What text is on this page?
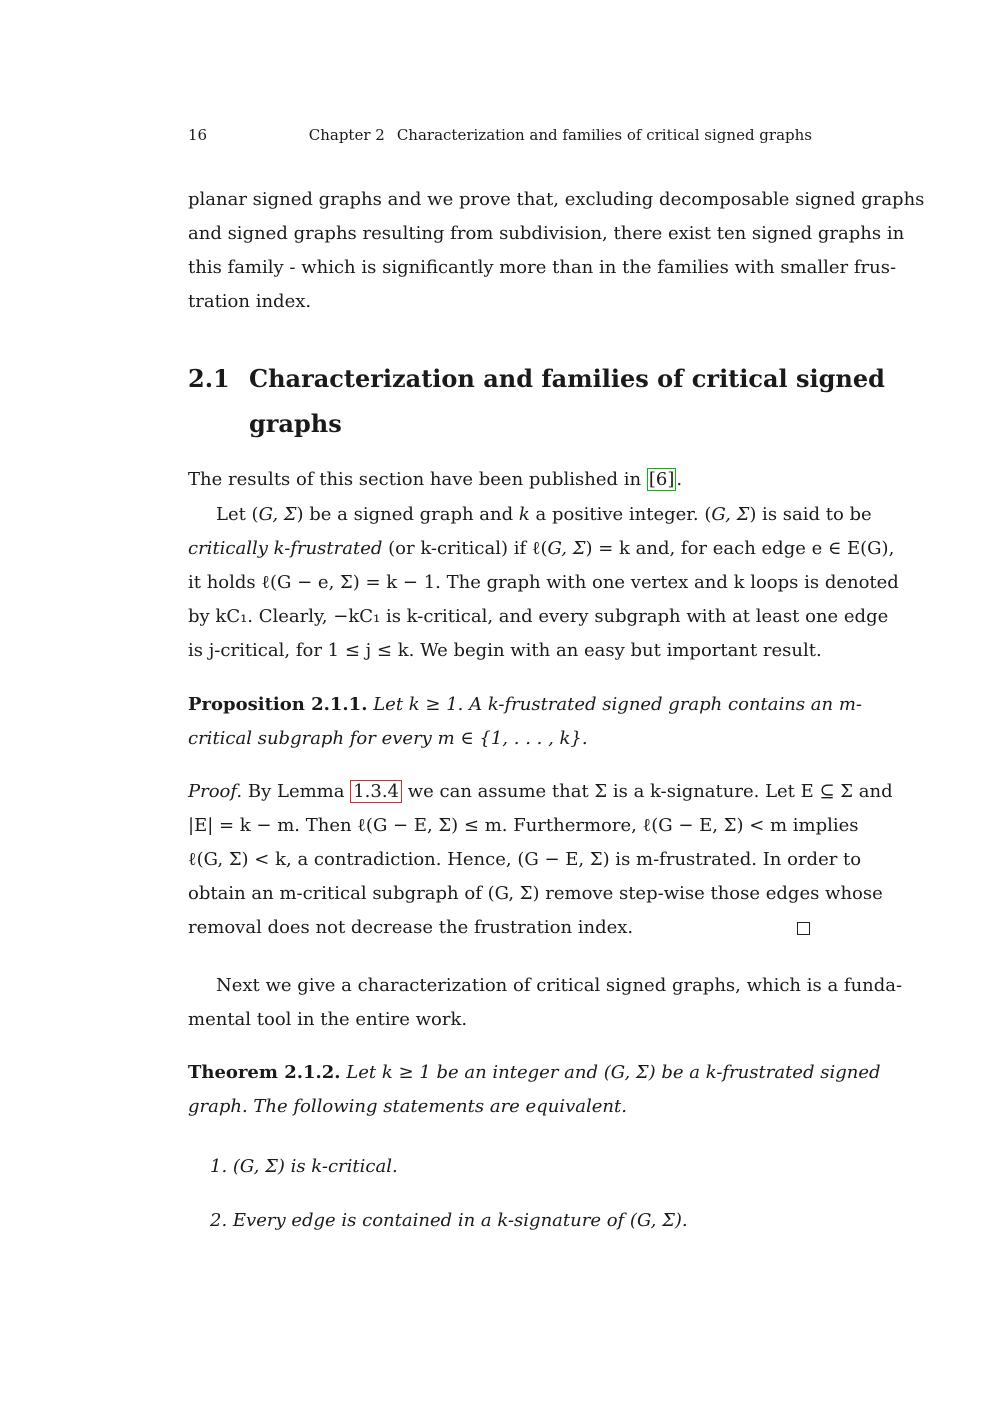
16	Chapter 2 Characterization and families of critical signed graphs
planar signed graphs and we prove that, excluding decomposable signed graphs
and signed graphs resulting from subdivision, there exist ten signed graphs in
this family - which is significantly more than in the families with smaller frus-
tration index.
2.1 Characterization and families of critical signed
graphs
The results of this section have been published in [6] .
Let (G, Σ) be a signed graph and k a positive integer. (G, Σ) is said to be
critically k-frustrated (or k-critical) if ℓ(G, Σ) = k and, for each edge e ∈ E(G),
it holds ℓ(G − e, Σ) = k − 1. The graph with one vertex and k loops is denoted
by kC₁. Clearly, −kC₁ is k-critical, and every subgraph with at least one edge
is j-critical, for 1 ≤ j ≤ k. We begin with an easy but important result.
Proposition 2.1.1. Let k ≥ 1. A k-frustrated signed graph contains an m-
critical subgraph for every m ∈ {1, . . . , k}.
Proof. By Lemma 1.3.4 we can assume that Σ is a k-signature. Let E ⊆ Σ and
|E| = k − m. Then ℓ(G − E, Σ) ≤ m. Furthermore, ℓ(G − E, Σ) < m implies
ℓ(G, Σ) < k, a contradiction. Hence, (G − E, Σ) is m-frustrated. In order to
obtain an m-critical subgraph of (G, Σ) remove step-wise those edges whose
removal does not decrease the frustration index.
Next we give a characterization of critical signed graphs, which is a funda-
mental tool in the entire work.
Theorem 2.1.2. Let k ≥ 1 be an integer and (G, Σ) be a k-frustrated signed
graph. The following statements are equivalent.
1. (G, Σ) is k-critical.
2. Every edge is contained in a k-signature of (G, Σ).
